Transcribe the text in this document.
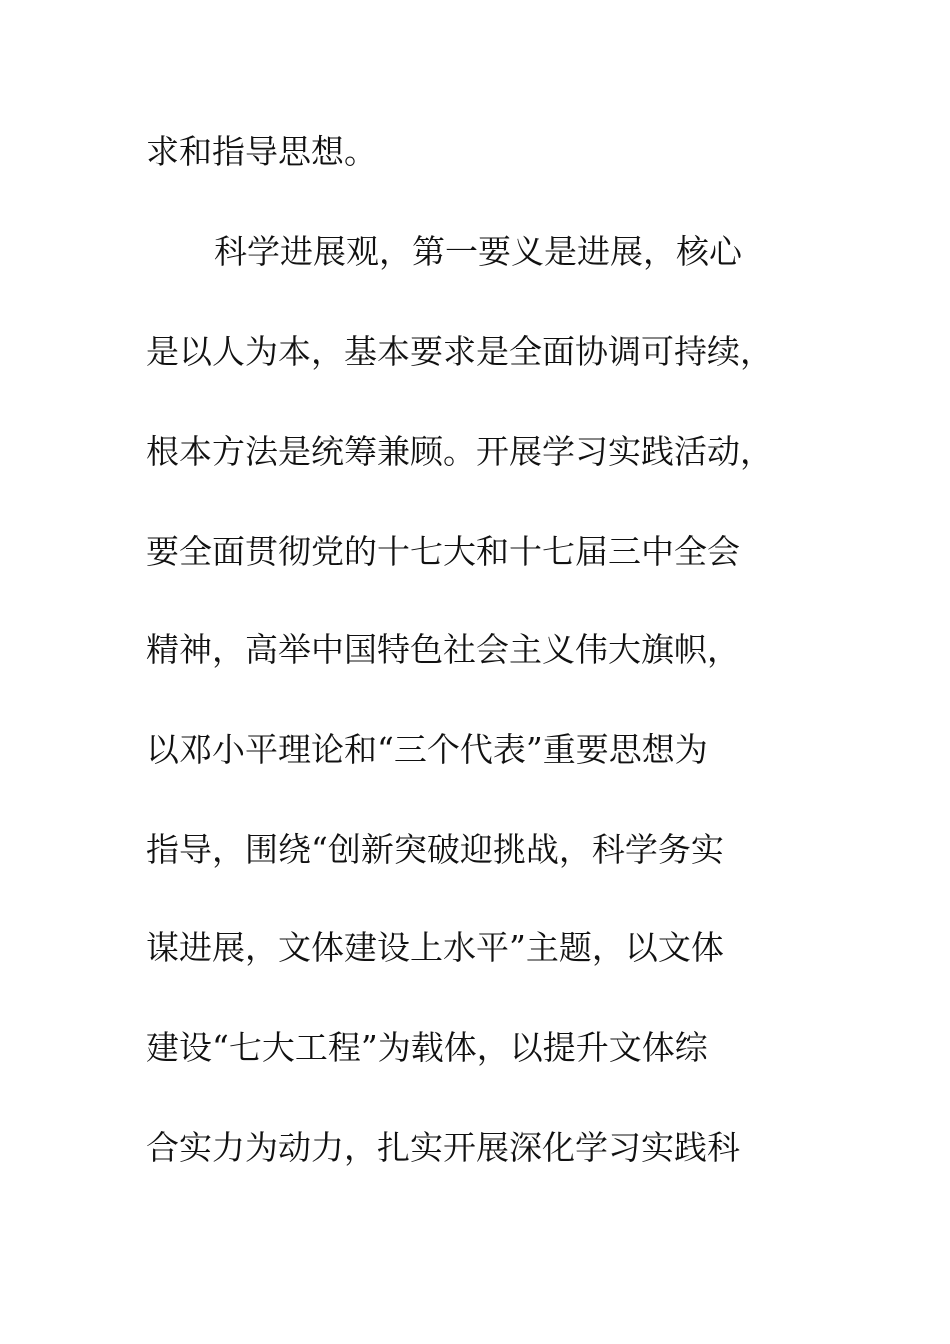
求和指导思想。
科学进展观，第一要义是进展，核心
是以人为本，基本要求是全面协调可持续，
根本方法是统筹兼顾。开展学习实践活动，
要全面贯彻党的十七大和十七届三中全会
精神，高举中国特色社会主义伟大旗帜，
以邓小平理论和“三个代表”重要思想为
指导，围绕“创新突破迎挑战，科学务实
谋进展，文体建设上水平”主题，以文体
建设“七大工程”为载体，以提升文体综
合实力为动力，扎实开展深化学习实践科
